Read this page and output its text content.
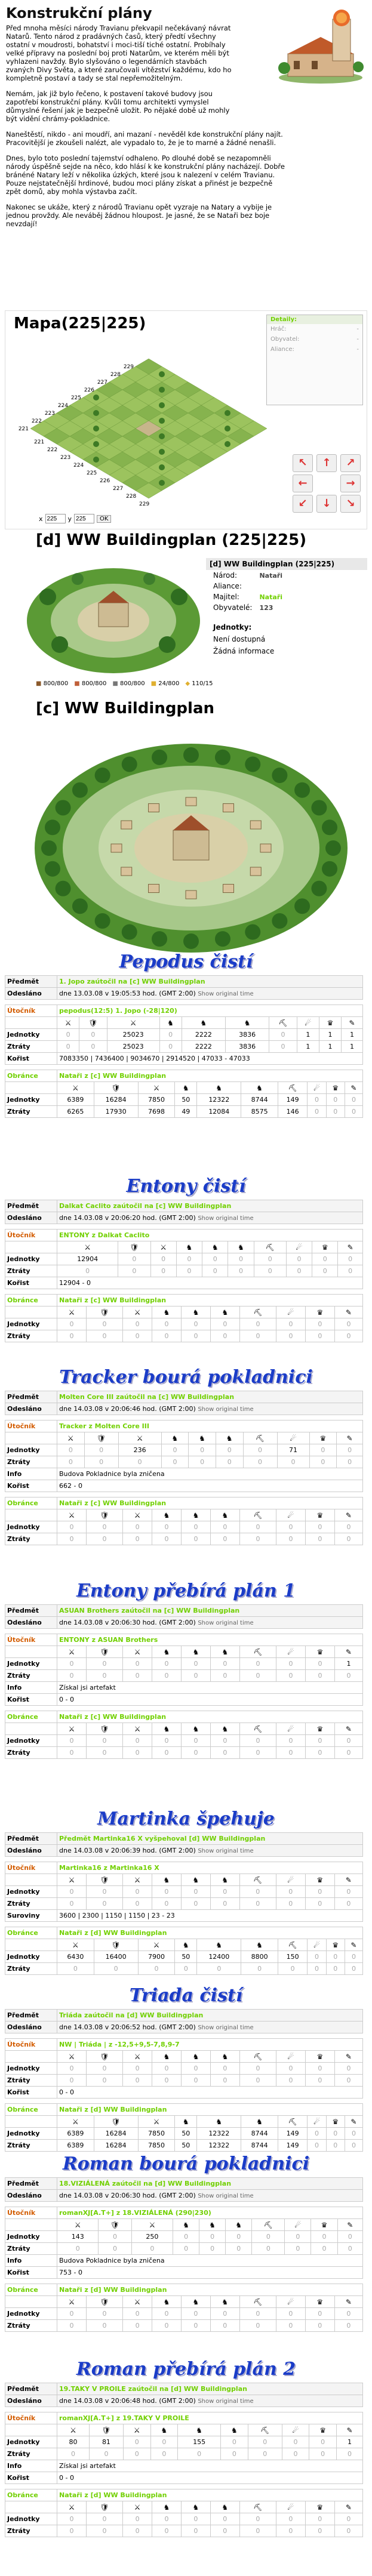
Konstrukční plány

Před mnoha měsíci národy Travianu překvapil nečekávaný návrat Natarů. Tento národ z pradávných časů, který předtí všechny ostatní v moudrosti, bohatství i moci-tiší tiché ostatní. Probíhaly velké přípravy na poslední boj proti Natarům, ve kterém měli být vyhlazeni navždy. Bylo slyšováno o legendárních stavbách zvaných Divy Světa, a které zaručovali vítězství každému, kdo ho kompletně postaví a tady se stal nepřemožitelným.

Nemám, jak již bylo řečeno, k postavení takové budovy jsou zapotřebí konstrukční plány. Kvůli tomu architekti vymyslel důmyslné řešení jak je bezpečně uložit. Po nějaké době už mohly být vidění chrámy-pokladnice.

Naneštěstí, nikdo - ani moudří, ani mazaní - nevěděl kde konstrukční plány najít. Pracovitější je zkoušeli nalézt, ale vypadalo to, že je to marné a žádné nenašli.

Dnes, bylo toto poslední tajemství odhaleno. Po dlouhé době se nezapomněli národy úspěšně sejde na něco, kdo hlásí k ke konstrukční plány nacházejí. Dobře bránéné Natary leží v několika úzkých, které jsou k nalezení v celém Travianu. Pouze nejstatečnější hrdinové, budou moci plány získat a přinést je bezpečně zpět domů, aby mohla výstavba začít.

Nakonec se ukáže, který z národů Travianu opět vyzraje na Natary a vybije je jednou provždy. Ale neváběj žádnou hloupost. Je jasné, že se Nataři bez boje nevzdají!

Mapa(225|225)
229
228
227
226
225
224
223
222
221
221
222
223
224
225
226
227
228
229
Detaily:
Hráč:	-
Obyvatel:	-
Aliance:	-
↖	↑	↗
←	→
↙	↓	↘
x
225	y
225	OK
[d] WW Buildingplan (225|225)
[d] WW Buildingplan (225|225)
Národ:	Nataři
Aliance:	
Majitel:	Nataři
Obyvatelé:	123
Jednotky:
Není dostupná
Žádná informace
■ 800/800 ■ 800/800 ■ 800/800 ■ 24/800 ◆ 110/15
[c] WW Buildingplan
Pepodus čistí
Entony čistí
Tracker bourá pokladnici
Entony přebírá plán 1
Martinka špehuje
Triada čistí
Roman bourá pokladnici
Roman přebírá plán 2
Předmět	1. Jopo zaútočil na [c] WW Buildingplan
Odesláno	dne 13.03.08 v 19:05:53 hod. (GMT 2:00) Show original time
Útočník	pepodus(12:5) 1. Jopo (-28|120)									
	⚔	🛡	⚔	♞	♞	♞	⛏	☄	♛	✎
Jednotky	0	0	25023	0	2222	3836	0	1	1	1
Ztráty	0	0	25023	0	2222	3836	0	1	1	1
Kořist	7083350 | 7436400 | 9034670 | 2914520 | 47033 - 47033									
Obránce	Nataři z [c] WW Buildingplan									
	⚔	🛡	⚔	♞	♞	♞	⛏	☄	♛	✎
Jednotky	6389	16284	7850	50	12322	8744	149	0	0	0
Ztráty	6265	17930	7698	49	12084	8575	146	0	0	0
Předmět	Dalkat Caclito zaútočil na [c] WW Buildingplan
Odesláno	dne 14.03.08 v 20:06:20 hod. (GMT 2:00) Show original time
Útočník	ENTONY z Dalkat Caclito									
	⚔	🛡	⚔	♞	♞	♞	⛏	☄	♛	✎
Jednotky	12904	0	0	0	0	0	0	0	0	0
Ztráty	0	0	0	0	0	0	0	0	0	0
Kořist	12904 - 0									
Obránce	Nataři z [c] WW Buildingplan									
	⚔	🛡	⚔	♞	♞	♞	⛏	☄	♛	✎
Jednotky	0	0	0	0	0	0	0	0	0	0
Ztráty	0	0	0	0	0	0	0	0	0	0
Předmět	Molten Core III zaútočil na [c] WW Buildingplan
Odesláno	dne 14.03.08 v 20:06:46 hod. (GMT 2:00) Show original time
Útočník	Tracker z Molten Core III									
	⚔	🛡	⚔	♞	♞	♞	⛏	☄	♛	✎
Jednotky	0	0	236	0	0	0	0	71	0	0
Ztráty	0	0	0	0	0	0	0	0	0	0
Info	Budova Pokladnice byla zničena									
Kořist	662 - 0									
Obránce	Nataři z [c] WW Buildingplan									
	⚔	🛡	⚔	♞	♞	♞	⛏	☄	♛	✎
Jednotky	0	0	0	0	0	0	0	0	0	0
Ztráty	0	0	0	0	0	0	0	0	0	0
Předmět	ASUAN Brothers zaútočil na [c] WW Buildingplan
Odesláno	dne 14.03.08 v 20:06:30 hod. (GMT 2:00) Show original time
Útočník	ENTONY z ASUAN Brothers									
	⚔	🛡	⚔	♞	♞	♞	⛏	☄	♛	✎
Jednotky	0	0	0	0	0	0	0	0	0	1
Ztráty	0	0	0	0	0	0	0	0	0	0
Info	Získal jsi artefakt									
Kořist	0 - 0									
Obránce	Nataři z [c] WW Buildingplan									
	⚔	🛡	⚔	♞	♞	♞	⛏	☄	♛	✎
Jednotky	0	0	0	0	0	0	0	0	0	0
Ztráty	0	0	0	0	0	0	0	0	0	0
Předmět	Předmět Martinka16 X vyšpehoval [d] WW Buildingplan
Odesláno	dne 14.03.08 v 20:06:39 hod. (GMT 2:00) Show original time
Útočník	Martinka16 z Martinka16 X									
	⚔	🛡	⚔	♞	♞	♞	⛏	☄	♛	✎
Jednotky	0	0	0	0	0	0	0	0	0	0
Ztráty	0	0	0	0	0	0	0	0	0	0
Suroviny	3600 | 2300 | 1150 | 1150 | 23 - 23									
Obránce	Nataři z [d] WW Buildingplan									
	⚔	🛡	⚔	♞	♞	♞	⛏	☄	♛	✎
Jednotky	6430	16400	7900	50	12400	8800	150	0	0	0
Ztráty	0	0	0	0	0	0	0	0	0	0
Předmět	Triáda zaútočil na [d] WW Buildingplan
Odesláno	dne 14.03.08 v 20:06:52 hod. (GMT 2:00) Show original time
Útočník	NW | Triáda | z -12,5+9,5-7,8,9-7									
	⚔	🛡	⚔	♞	♞	♞	⛏	☄	♛	✎
Jednotky	0	0	0	0	0	0	0	0	0	0
Ztráty	0	0	0	0	0	0	0	0	0	0
Kořist	0 - 0									
Obránce	Nataři z [d] WW Buildingplan									
	⚔	🛡	⚔	♞	♞	♞	⛏	☄	♛	✎
Jednotky	6389	16284	7850	50	12322	8744	149	0	0	0
Ztráty	6389	16284	7850	50	12322	8744	149	0	0	0
Předmět	18.VIZIÁLENÁ zaútočil na [d] WW Buildingplan
Odesláno	dne 14.03.08 v 20:06:30 hod. (GMT 2:00) Show original time
Útočník	romanXJ[A.T+] z 18.VIZIÁLENÁ (290|230)									
	⚔	🛡	⚔	♞	♞	♞	⛏	☄	♛	✎
Jednotky	143	0	250	0	0	0	0	0	0	0
Ztráty	0	0	0	0	0	0	0	0	0	0
Info	Budova Pokladnice byla zničena									
Kořist	753 - 0									
Obránce	Nataři z [d] WW Buildingplan									
	⚔	🛡	⚔	♞	♞	♞	⛏	☄	♛	✎
Jednotky	0	0	0	0	0	0	0	0	0	0
Ztráty	0	0	0	0	0	0	0	0	0	0
Předmět	19.TAKY V PROILE zaútočil na [d] WW Buildingplan
Odesláno	dne 14.03.08 v 20:06:48 hod. (GMT 2:00) Show original time
Útočník	romanXJ[A.T+] z 19.TAKY V PROILE									
	⚔	🛡	⚔	♞	♞	♞	⛏	☄	♛	✎
Jednotky	80	81	0	0	155	0	0	0	0	1
Ztráty	0	0	0	0	0	0	0	0	0	0
Info	Získal jsi artefakt									
Kořist	0 - 0									
Obránce	Nataři z [d] WW Buildingplan									
	⚔	🛡	⚔	♞	♞	♞	⛏	☄	♛	✎
Jednotky	0	0	0	0	0	0	0	0	0	0
Ztráty	0	0	0	0	0	0	0	0	0	0
